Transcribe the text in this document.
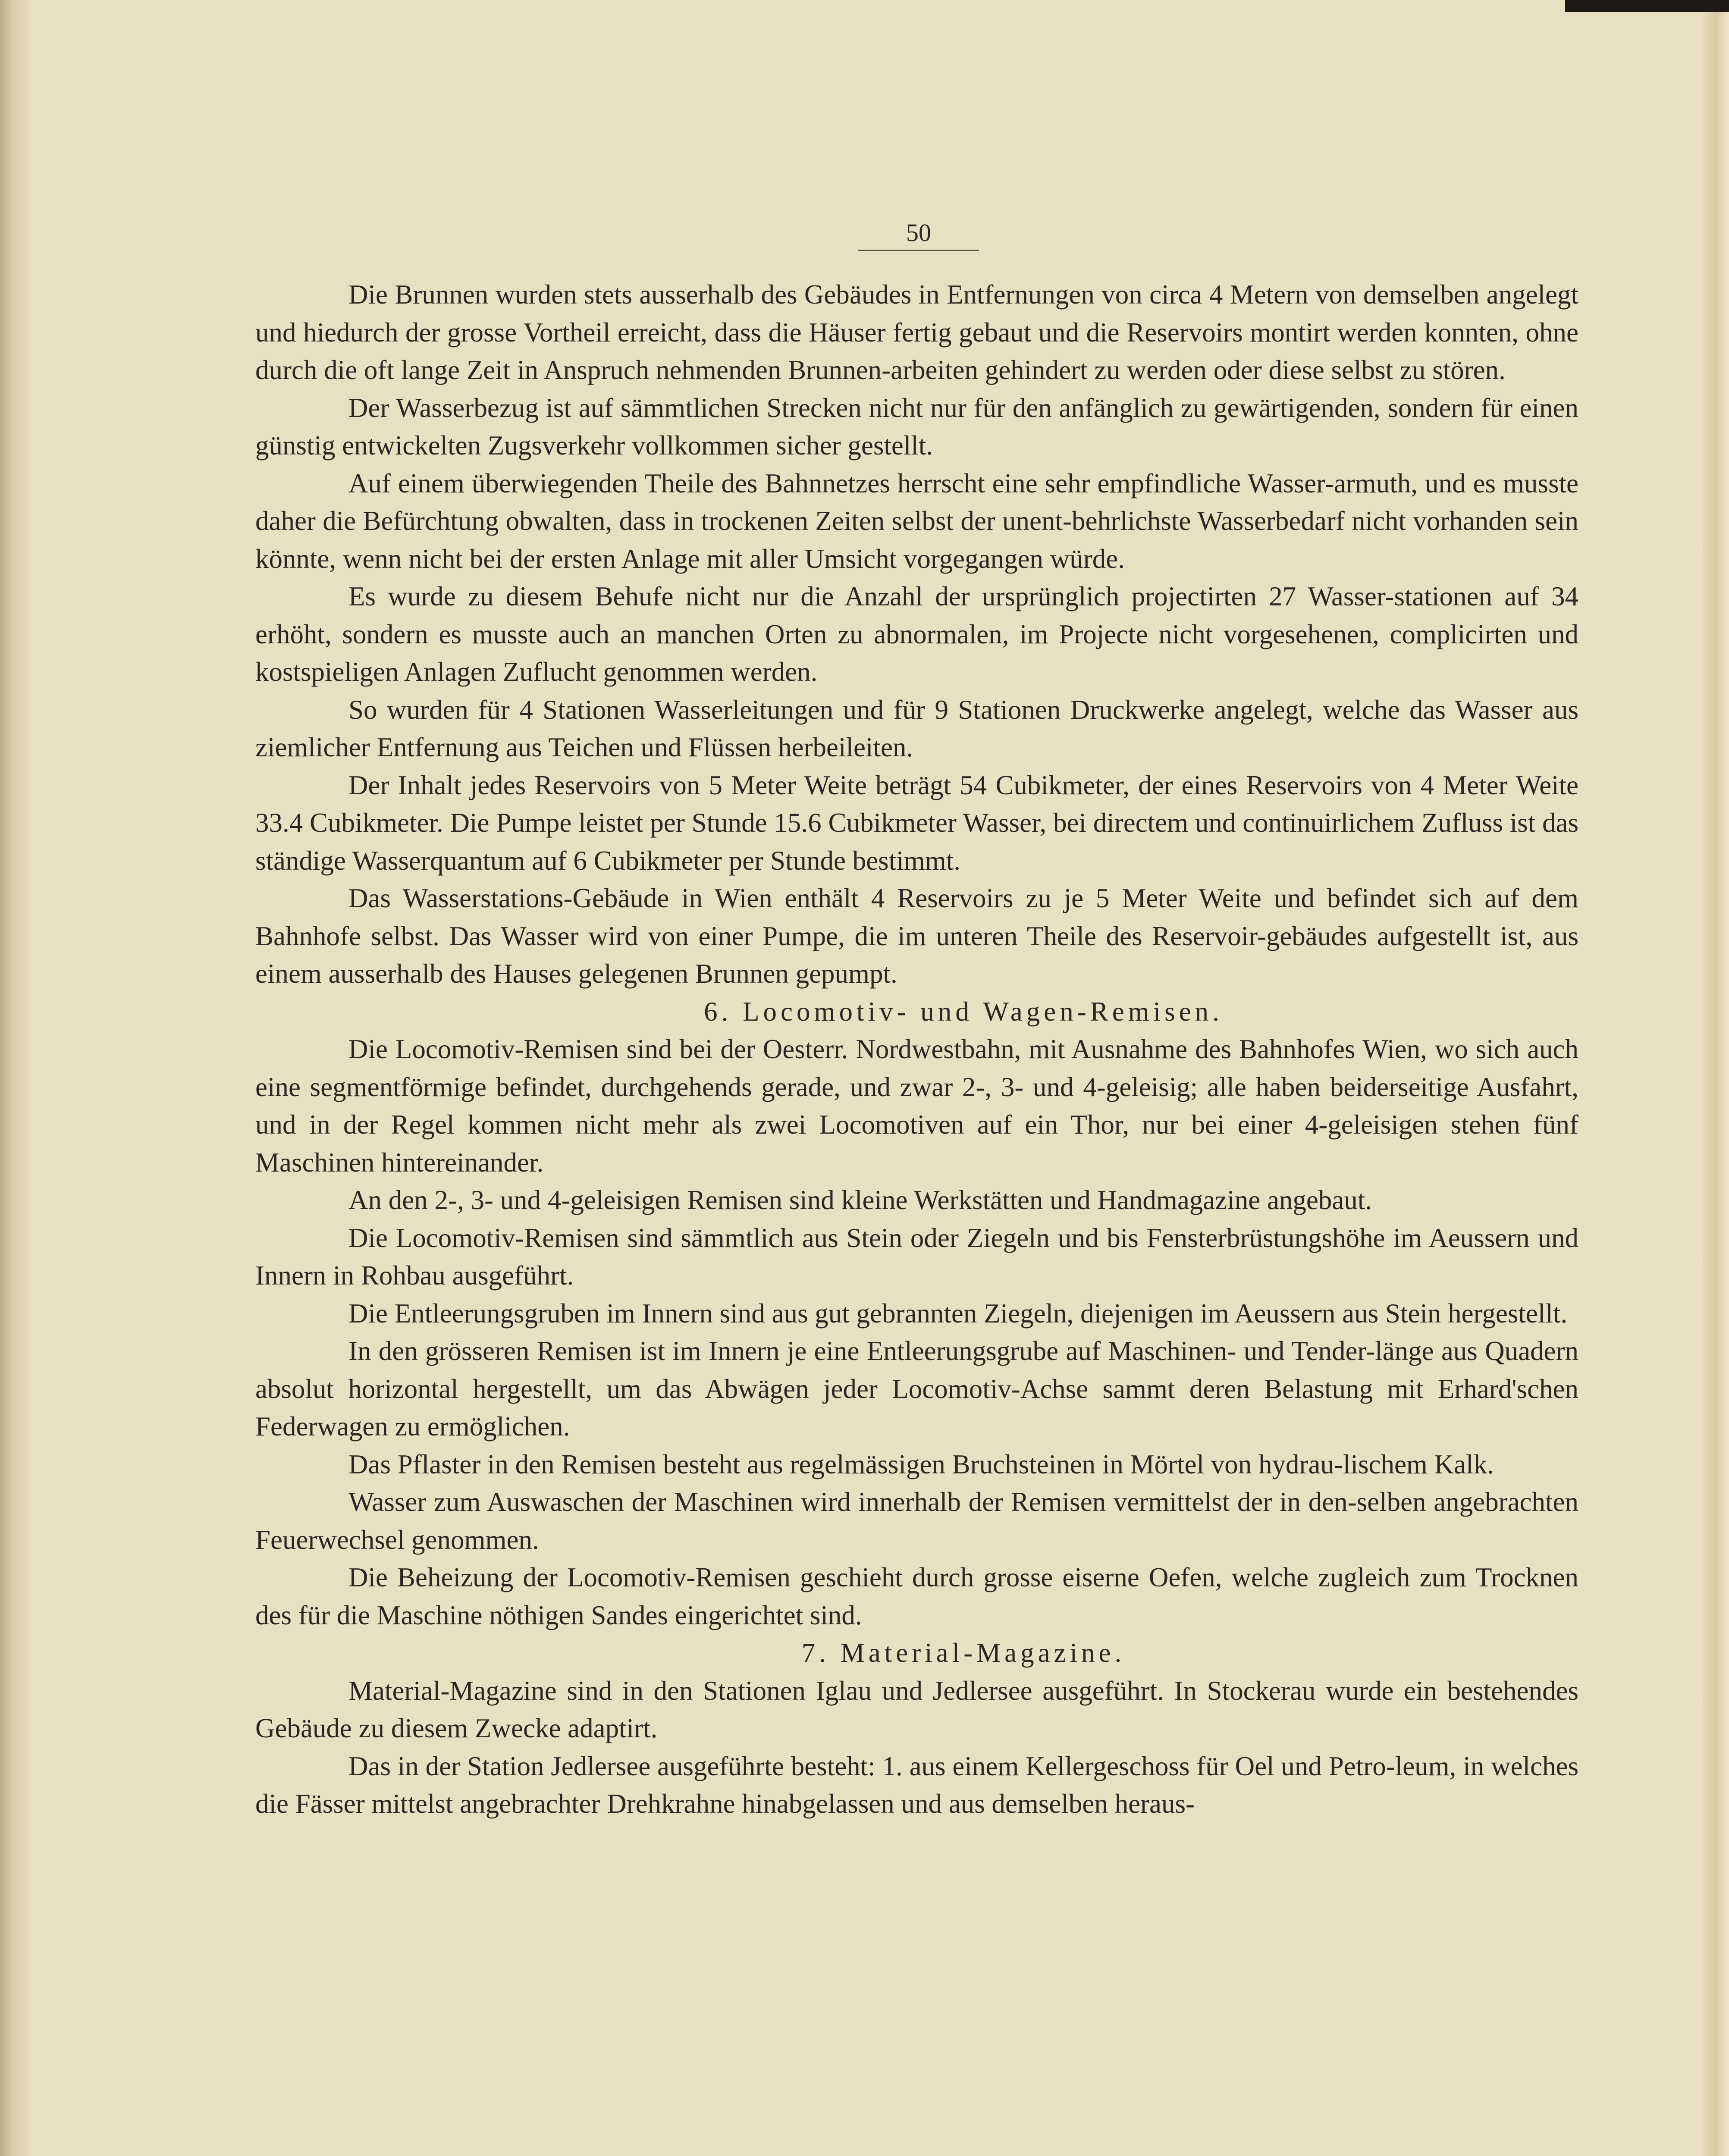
50

Die Brunnen wurden stets ausserhalb des Gebäudes in Entfernungen von circa 4 Metern von demselben angelegt und hiedurch der grosse Vortheil erreicht, dass die Häuser fertig gebaut und die Reservoirs montirt werden konnten, ohne durch die oft lange Zeit in Anspruch nehmenden Brunnen-arbeiten gehindert zu werden oder diese selbst zu stören.

Der Wasserbezug ist auf sämmtlichen Strecken nicht nur für den anfänglich zu gewärtigenden, sondern für einen günstig entwickelten Zugsverkehr vollkommen sicher gestellt.

Auf einem überwiegenden Theile des Bahnnetzes herrscht eine sehr empfindliche Wasser-armuth, und es musste daher die Befürchtung obwalten, dass in trockenen Zeiten selbst der unent-behrlichste Wasserbedarf nicht vorhanden sein könnte, wenn nicht bei der ersten Anlage mit aller Umsicht vorgegangen würde.

Es wurde zu diesem Behufe nicht nur die Anzahl der ursprünglich projectirten 27 Wasser-stationen auf 34 erhöht, sondern es musste auch an manchen Orten zu abnormalen, im Projecte nicht vorgesehenen, complicirten und kostspieligen Anlagen Zuflucht genommen werden.

So wurden für 4 Stationen Wasserleitungen und für 9 Stationen Druckwerke angelegt, welche das Wasser aus ziemlicher Entfernung aus Teichen und Flüssen herbeileiten.

Der Inhalt jedes Reservoirs von 5 Meter Weite beträgt 54 Cubikmeter, der eines Reservoirs von 4 Meter Weite 33.4 Cubikmeter. Die Pumpe leistet per Stunde 15.6 Cubikmeter Wasser, bei directem und continuirlichem Zufluss ist das ständige Wasserquantum auf 6 Cubikmeter per Stunde bestimmt.

Das Wasserstations-Gebäude in Wien enthält 4 Reservoirs zu je 5 Meter Weite und befindet sich auf dem Bahnhofe selbst. Das Wasser wird von einer Pumpe, die im unteren Theile des Reservoir-gebäudes aufgestellt ist, aus einem ausserhalb des Hauses gelegenen Brunnen gepumpt.

6. Locomotiv- und Wagen-Remisen.

Die Locomotiv-Remisen sind bei der Oesterr. Nordwestbahn, mit Ausnahme des Bahnhofes Wien, wo sich auch eine segmentförmige befindet, durchgehends gerade, und zwar 2-, 3- und 4-geleisig; alle haben beiderseitige Ausfahrt, und in der Regel kommen nicht mehr als zwei Locomotiven auf ein Thor, nur bei einer 4-geleisigen stehen fünf Maschinen hintereinander.

An den 2-, 3- und 4-geleisigen Remisen sind kleine Werkstätten und Handmagazine angebaut.

Die Locomotiv-Remisen sind sämmtlich aus Stein oder Ziegeln und bis Fensterbrüstungshöhe im Aeussern und Innern in Rohbau ausgeführt.

Die Entleerungsgruben im Innern sind aus gut gebrannten Ziegeln, diejenigen im Aeussern aus Stein hergestellt.

In den grösseren Remisen ist im Innern je eine Entleerungsgrube auf Maschinen- und Tender-länge aus Quadern absolut horizontal hergestellt, um das Abwägen jeder Locomotiv-Achse sammt deren Belastung mit Erhard'schen Federwagen zu ermöglichen.

Das Pflaster in den Remisen besteht aus regelmässigen Bruchsteinen in Mörtel von hydrau-lischem Kalk.

Wasser zum Auswaschen der Maschinen wird innerhalb der Remisen vermittelst der in den-selben angebrachten Feuerwechsel genommen.

Die Beheizung der Locomotiv-Remisen geschieht durch grosse eiserne Oefen, welche zugleich zum Trocknen des für die Maschine nöthigen Sandes eingerichtet sind.

7. Material-Magazine.

Material-Magazine sind in den Stationen Iglau und Jedlersee ausgeführt. In Stockerau wurde ein bestehendes Gebäude zu diesem Zwecke adaptirt.

Das in der Station Jedlersee ausgeführte besteht: 1. aus einem Kellergeschoss für Oel und Petro-leum, in welches die Fässer mittelst angebrachter Drehkrahne hinabgelassen und aus demselben heraus-
